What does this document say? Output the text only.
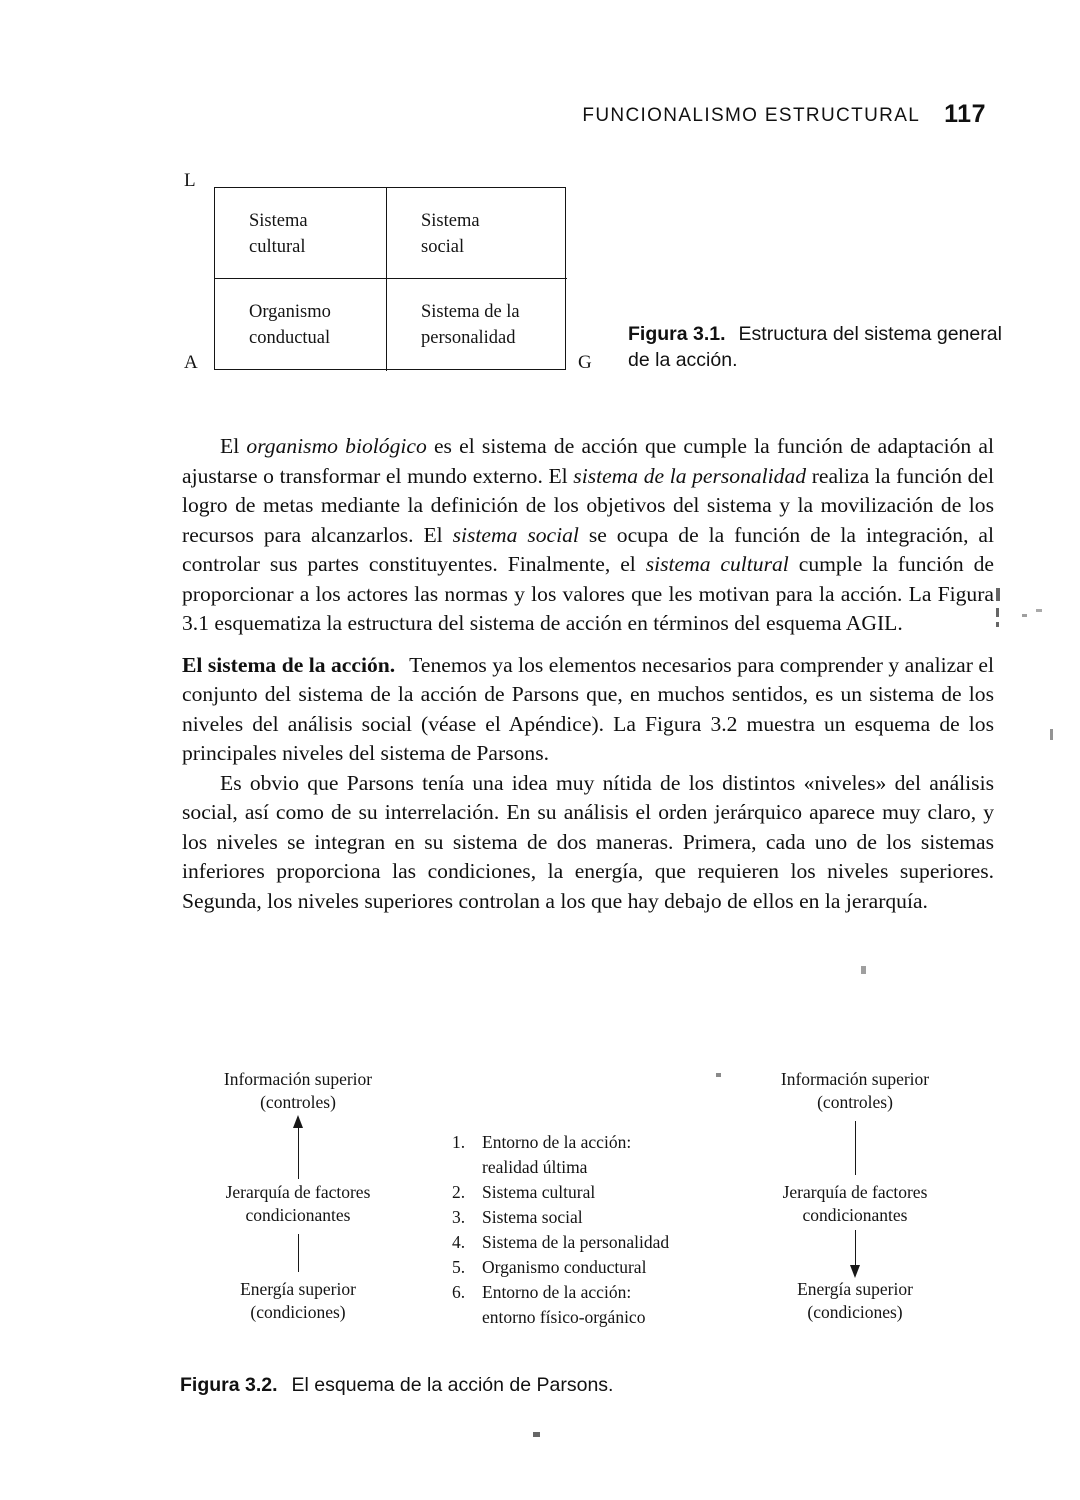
FUNCIONALISMO ESTRUCTURAL 117
L
A	G
Sistema
cultural
Sistema
social
Organismo
conductual
Sistema de la
personalidad	Figura 3.1. Estructura del sistema general de la acción.

El organismo biológico es el sistema de acción que cumple la función de adaptación al ajustarse o transformar el mundo externo. El sistema de la personalidad realiza la función del logro de metas mediante la definición de los objetivos del sistema y la movilización de los recursos para alcanzarlos. El sistema social se ocupa de la función de la integración, al controlar sus partes constituyentes. Finalmente, el sistema cultural cumple la función de proporcionar a los actores las normas y los valores que les motivan para la acción. La Figura 3.1 esquematiza la estructura del sistema de acción en términos del esquema AGIL.

El sistema de la acción. Tenemos ya los elementos necesarios para comprender y analizar el conjunto del sistema de la acción de Parsons que, en muchos sentidos, es un sistema de los niveles del análisis social (véase el Apéndice). La Figura 3.2 muestra un esquema de los principales niveles del sistema de Parsons.

Es obvio que Parsons tenía una idea muy nítida de los distintos «niveles» del análisis social, así como de su interrelación. En su análisis el orden jerárquico aparece muy claro, y los niveles se integran en su sistema de dos maneras. Primera, cada uno de los sistemas inferiores proporciona las condiciones, la energía, que requieren los niveles superiores. Segunda, los niveles superiores controlan a los que hay debajo de ellos en la jerarquía.

Información superior
(controles)
Jerarquía de factores
condicionantes
Energía superior
(condiciones)
1. Entorno de la acción:
realidad última
2. Sistema cultural
3. Sistema social
4. Sistema de la personalidad
5. Organismo conductural
6. Entorno de la acción:
entorno físico-orgánico
Información superior
(controles)
Jerarquía de factores
condicionantes
Energía superior
(condiciones)
Figura 3.2. El esquema de la acción de Parsons.
